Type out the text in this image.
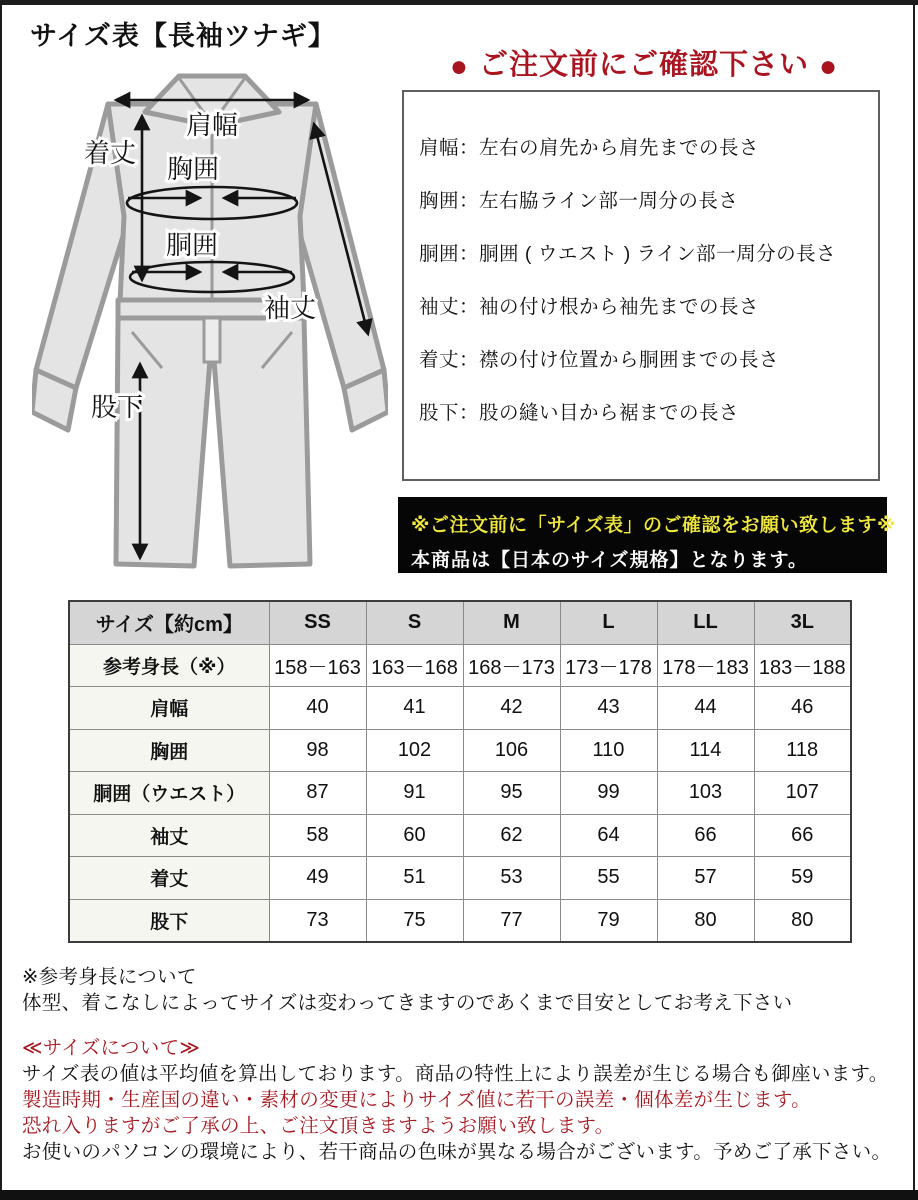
サイズ表【長袖ツナギ】
肩幅
着丈
胸囲
胴囲
袖丈
股下
● ご注文前にご確認下さい ●
肩幅：左右の肩先から肩先までの長さ
胸囲：左右脇ライン部一周分の長さ
胴囲：胴囲 ( ウエスト ) ライン部一周分の長さ
袖丈：袖の付け根から袖先までの長さ
着丈：襟の付け位置から胴囲までの長さ
股下：股の縫い目から裾までの長さ
※ご注文前に「サイズ表」のご確認をお願い致します※
本商品は【日本のサイズ規格】となります。
サイズ【約cm】	SS	S	M	L	LL	3L
参考身長（※）	158－163	163－168	168－173	173－178	178－183	183－188
肩幅	40	41	42	43	44	46
胸囲	98	102	106	110	114	118
胴囲（ウエスト）	87	91	95	99	103	107
袖丈	58	60	62	64	66	66
着丈	49	51	53	55	57	59
股下	73	75	77	79	80	80
※参考身長について
体型、着こなしによってサイズは変わってきますのであくまで目安としてお考え下さい
≪サイズについて≫
サイズ表の値は平均値を算出しております。商品の特性上により誤差が生じる場合も御座います。
製造時期・生産国の違い・素材の変更によりサイズ値に若干の誤差・個体差が生じます。
恐れ入りますがご了承の上、ご注文頂きますようお願い致します。
お使いのパソコンの環境により、若干商品の色味が異なる場合がございます。予めご了承下さい。
